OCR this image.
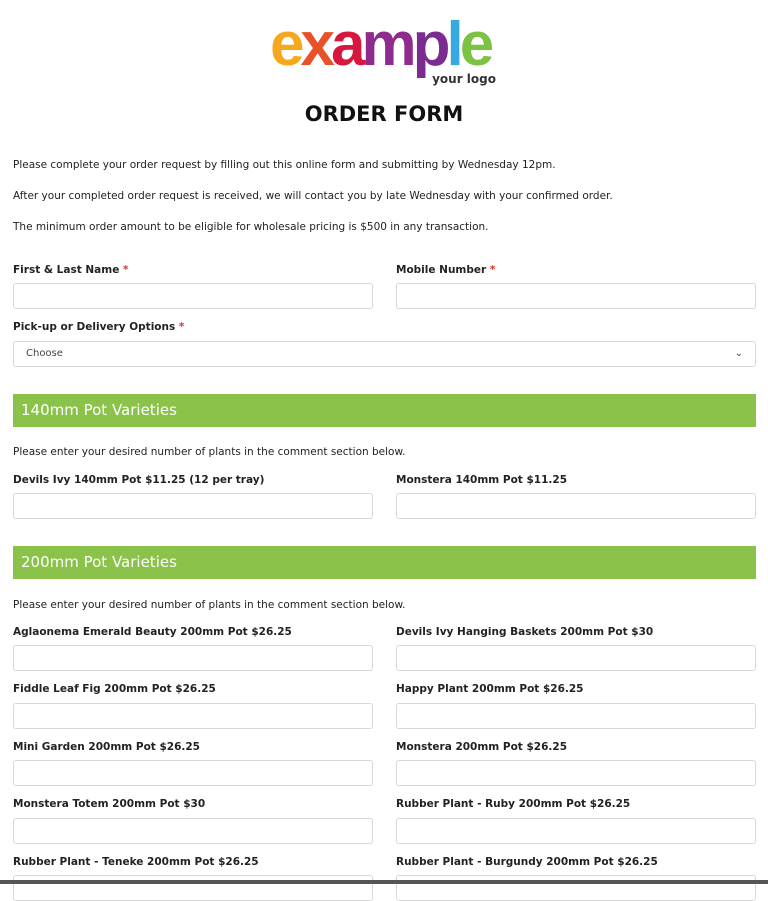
example
your logo
ORDER FORM

Please complete your order request by filling out this online form and submitting by Wednesday 12pm.

After your completed order request is received, we will contact you by late Wednesday with your confirmed order.

The minimum order amount to be eligible for wholesale pricing is $500 in any transaction.

First & Last Name *	Mobile Number *
Pick-up or Delivery Options *
Choose	⌄
140mm Pot Varieties

Please enter your desired number of plants in the comment section below.

Devils Ivy 140mm Pot $11.25 (12 per tray)	Monstera 140mm Pot $11.25
200mm Pot Varieties

Please enter your desired number of plants in the comment section below.

Aglaonema Emerald Beauty 200mm Pot $26.25	Devils Ivy Hanging Baskets 200mm Pot $30
Fiddle Leaf Fig 200mm Pot $26.25	Happy Plant 200mm Pot $26.25
Mini Garden 200mm Pot $26.25	Monstera 200mm Pot $26.25
Monstera Totem 200mm Pot $30	Rubber Plant - Ruby 200mm Pot $26.25
Rubber Plant - Teneke 200mm Pot $26.25	Rubber Plant - Burgundy 200mm Pot $26.25
